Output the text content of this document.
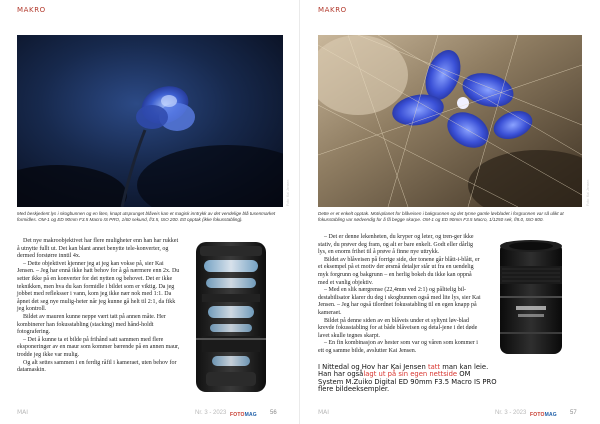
MAKRO
Foto: Kai Jensen
Med beskjedent lys i skogbunnen og en liten, knapt utsprunget blåveis kan et magisk inntrykk av det vendelige blå tusenmarket formidles. OM-1 og ED 90mm F3.5 Macro IS PRO, 1/60 sekund, f/3.5, ISO 200. Ett opptak (ikke fokusstabling).

Det nye makroobjektivet har flere muligheter enn han har rukket å utnytte fullt ut. Det kan blant annet benytte tele-konverter, og dermed forstørre inntil 4x.

– Dette objektivet kjenner jeg at jeg kan vokse på, sier Kai Jensen. – Jeg har ennå ikke hatt behov for å gå nærmere enn 2x. Du setter ikke på en konverter for det nytten og behovet. Det er ikke teknikken, men hva du kan formidle i bildet som er viktig. Da jeg jobbet med refleksser i vann, kom jeg ikke nær nok med 1:1. Da åpnet det seg nye mulig-heter når jeg kunne gå helt til 2:1, da fikk jeg kontroll.

Bildet av mauren kunne neppe vært tatt på annen måte. Her kombinerer han fokusstabling (stacking) med hånd-holdt fotografering.

– Det å kunne ta et bilde på frihånd satt sammen med flere eksponeringer av en maur som kommer bærende på en annen maur, trodde jeg ikke var mulig.

Og alt settes sammen i en ferdig råfil i kameraet, uten behov for datamaskin.

MAI	Nr. 3 - 2023 FOTOMAG 56
MAKRO
Foto: Kai Jensen
Dette er et enkelt opptak. Motivplanet for blåveisen i bakgrunnen og det tynne gamle løvbladet i forgrunnen var så ulikt at fokusstabling var nødvendig for å få begge skarpe. OM-1 og ED 90mm F3.5 Macro, 1/1250 sek, f/8.0, ISO 800.

– Det er denne lekenheten, du kryper og leter, og tren-ger ikke stativ, du prøver deg fram, og alt er bare enkelt. Godt eller dårlig lys, en enorm frihet til å prøve å finne nye uttrykk.

Bildet av blåveisen på forrige side, der tonene går blått-i-blått, er et eksempel på et motiv der ørsmå detaljer står ut fra en uendelig myk forgrunn og bakgrunn – en herlig bokeh du ikke kan oppnå med et vanlig objektiv.

– Med en slik nærgrense (22,4mm ved 2:1) og pålitelig bil-destabilisator klarer du deg i skogbunnen også med lite lys, sier Kai Jensen. – Jeg har også tilordnet fokusstabling til en egen knapp på kameraet.

Bildet på denne siden av en blåveis under et syltynt løv-blad krevde fokusstabling for at både blåveisen og detal-jene i det døde lavet skulle tegnes skarpt.

– En fin kombinasjon av hester som var og våren som kommer i ett og samme bilde, avslutter Kai Jensen.

I Nittedal og Hov har Kai Jensen tatt man kan leie.
Han har ogsålagt ut på sin egen nettside OM
System M.Zuiko Digital ED 90mm F3.5 Macro IS PRO
flere bildeeksempler.
MAI	Nr. 3 - 2023 FOTOMAG 57
